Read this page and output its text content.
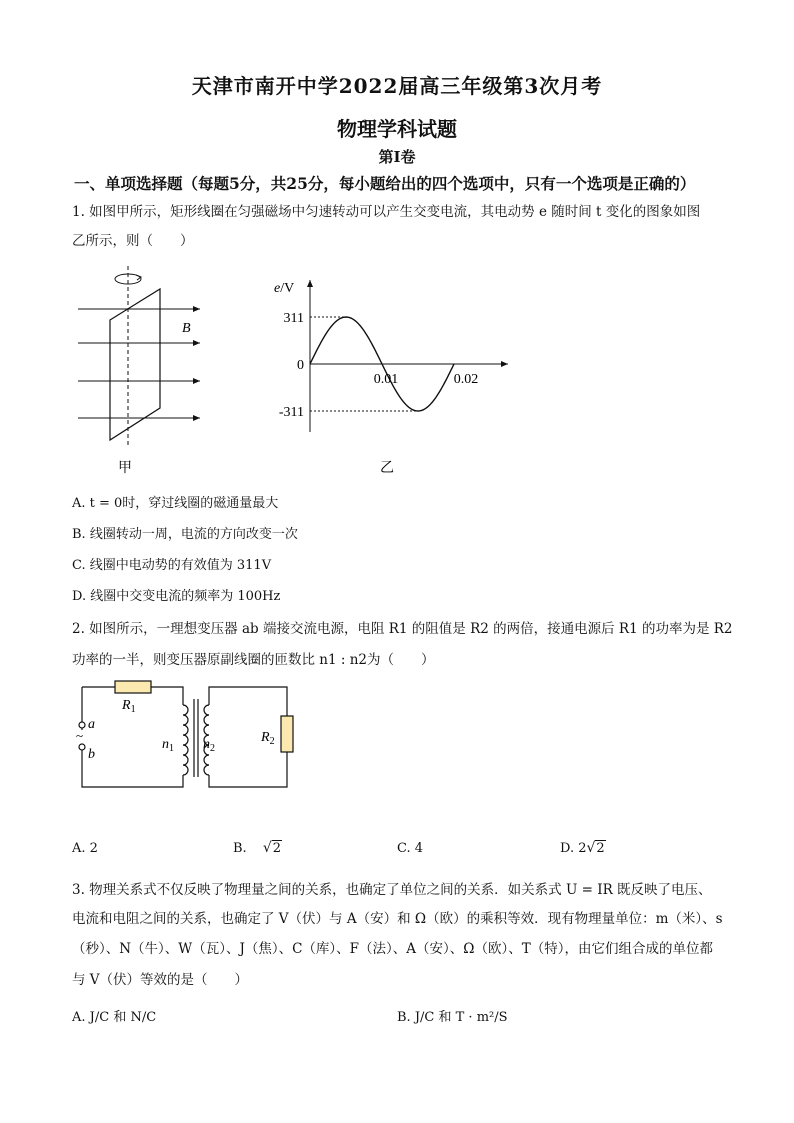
天津市南开中学2022届高三年级第3次月考
物理学科试题
第I卷
一、单项选择题（每题5分，共25分，每小题给出的四个选项中，只有一个选项是正确的）
1. 如图甲所示，矩形线圈在匀强磁场中匀速转动可以产生交变电流，其电动势 e 随时间 t 变化的图象如图
乙所示，则（　　）
B
甲
e/V
311
0
-311
0.01	0.02
乙
A. t = 0时，穿过线圈的磁通量最大
B. 线圈转动一周，电流的方向改变一次
C. 线圈中电动势的有效值为 311V
D. 线圈中交变电流的频率为 100Hz
2. 如图所示，一理想变压器 ab 端接交流电源，电阻 R1 的阻值是 R2 的两倍，接通电源后 R1 的功率为是 R2
功率的一半，则变压器原副线圈的匝数比 n1 : n2为（　　）
$R_1$
a
~
b
$n_1$ $n_2$
$R_2$
A. 2	B. √2	C. 4	D. 2√2
3. 物理关系式不仅反映了物理量之间的关系，也确定了单位之间的关系．如关系式 U = IR 既反映了电压、
电流和电阻之间的关系，也确定了 V（伏）与 A（安）和 Ω（欧）的乘积等效．现有物理量单位：m（米）、s
（秒）、N（牛）、W（瓦）、J（焦）、C（库）、F（法）、A（安）、Ω（欧）、T（特），由它们组合成的单位都
与 V（伏）等效的是（　　）
A. J/C 和 N/C	B. J/C 和 T · m²/S
